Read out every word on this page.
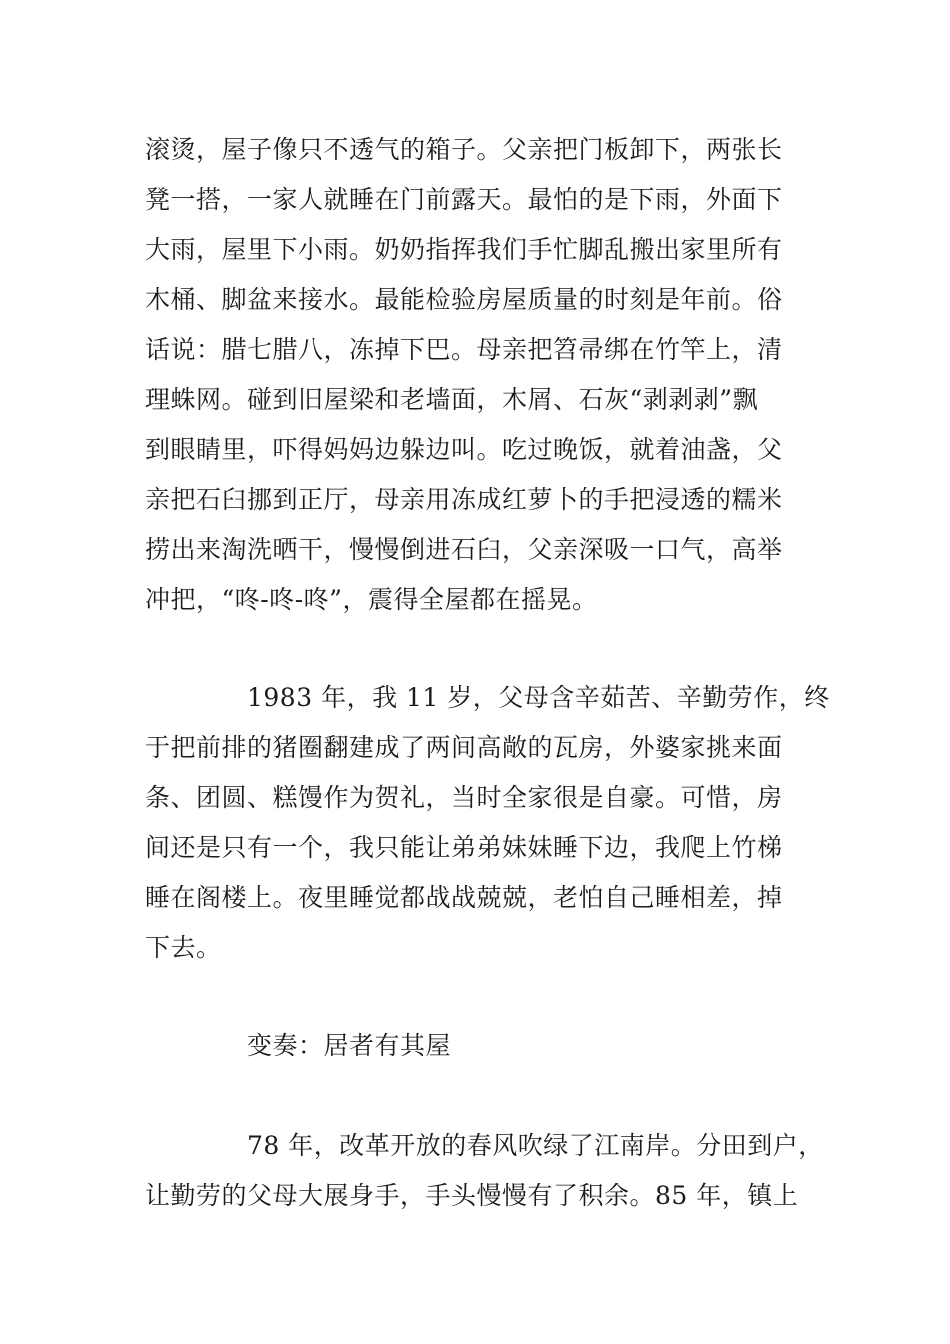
滚烫，屋子像只不透气的箱子。父亲把门板卸下，两张长
凳一搭，一家人就睡在门前露天。最怕的是下雨，外面下
大雨，屋里下小雨。奶奶指挥我们手忙脚乱搬出家里所有
木桶、脚盆来接水。最能检验房屋质量的时刻是年前。俗
话说：腊七腊八，冻掉下巴。母亲把笤帚绑在竹竿上，清
理蛛网。碰到旧屋梁和老墙面，木屑、石灰“剥剥剥”飘
到眼睛里，吓得妈妈边躲边叫。吃过晚饭，就着油盏，父
亲把石臼挪到正厅，母亲用冻成红萝卜的手把浸透的糯米
捞出来淘洗晒干，慢慢倒进石臼，父亲深吸一口气，高举
冲把，“咚-咚-咚”，震得全屋都在摇晃。
1983 年，我 11 岁，父母含辛茹苦、辛勤劳作，终
于把前排的猪圈翻建成了两间高敞的瓦房，外婆家挑来面
条、团圆、糕馒作为贺礼，当时全家很是自豪。可惜，房
间还是只有一个，我只能让弟弟妹妹睡下边，我爬上竹梯
睡在阁楼上。夜里睡觉都战战兢兢，老怕自己睡相差，掉
下去。
变奏：居者有其屋
78 年，改革开放的春风吹绿了江南岸。分田到户，
让勤劳的父母大展身手，手头慢慢有了积余。85 年，镇上
